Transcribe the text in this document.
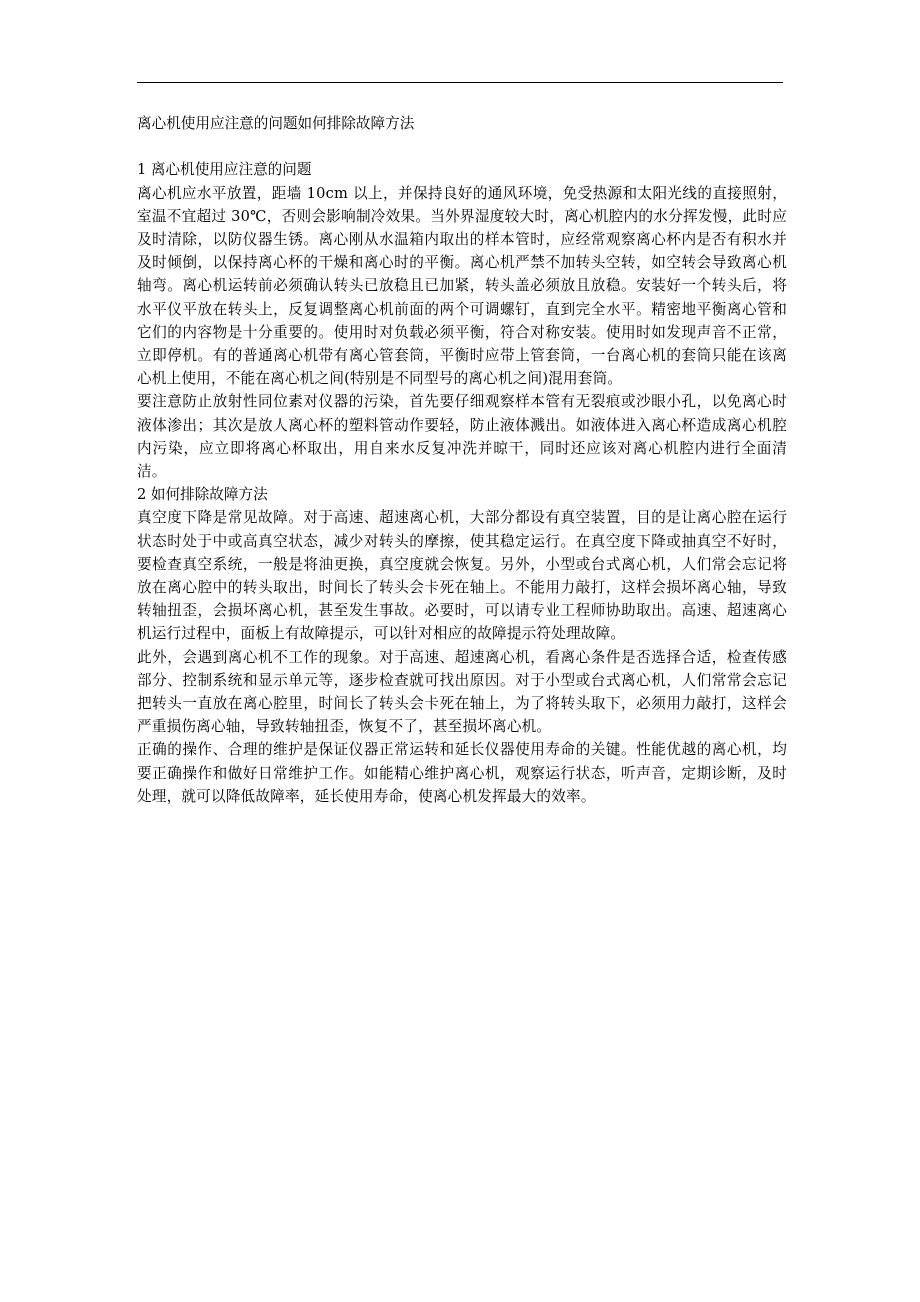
离心机使用应注意的问题如何排除故障方法
1 离心机使用应注意的问题

离心机应水平放置，距墙 10cm 以上，并保持良好的通风环境，免受热源和太阳光线的直接照射，室温不宜超过 30℃，否则会影响制冷效果。当外界湿度较大时，离心机腔内的水分挥发慢，此时应及时清除，以防仪器生锈。离心刚从水温箱内取出的样本管时，应经常观察离心杯内是否有积水并及时倾倒，以保持离心杯的干燥和离心时的平衡。离心机严禁不加转头空转，如空转会导致离心机轴弯。离心机运转前必须确认转头已放稳且已加紧，转头盖必须放且放稳。安装好一个转头后，将水平仪平放在转头上，反复调整离心机前面的两个可调螺钉，直到完全水平。精密地平衡离心管和它们的内容物是十分重要的。使用时对负载必须平衡，符合对称安装。使用时如发现声音不正常，立即停机。有的普通离心机带有离心管套筒，平衡时应带上管套筒，一台离心机的套筒只能在该离心机上使用，不能在离心机之间(特别是不同型号的离心机之间)混用套筒。

要注意防止放射性同位素对仪器的污染，首先要仔细观察样本管有无裂痕或沙眼小孔，以免离心时液体渗出；其次是放人离心杯的塑料管动作要轻，防止液体溅出。如液体进入离心杯造成离心机腔内污染，应立即将离心杯取出，用自来水反复冲洗并晾干，同时还应该对离心机腔内进行全面清洁。

2 如何排除故障方法

真空度下降是常见故障。对于高速、超速离心机，大部分都设有真空装置，目的是让离心腔在运行状态时处于中或高真空状态，减少对转头的摩擦，使其稳定运行。在真空度下降或抽真空不好时，要检查真空系统，一般是将油更换，真空度就会恢复。另外，小型或台式离心机，人们常会忘记将放在离心腔中的转头取出，时间长了转头会卡死在轴上。不能用力敲打，这样会损坏离心轴，导致转轴扭歪，会损坏离心机，甚至发生事故。必要时，可以请专业工程师协助取出。高速、超速离心机运行过程中，面板上有故障提示，可以针对相应的故障提示符处理故障。

此外，会遇到离心机不工作的现象。对于高速、超速离心机，看离心条件是否选择合适，检查传感部分、控制系统和显示单元等，逐步检查就可找出原因。对于小型或台式离心机，人们常常会忘记把转头一直放在离心腔里，时间长了转头会卡死在轴上，为了将转头取下，必须用力敲打，这样会严重损伤离心轴，导致转轴扭歪，恢复不了，甚至损坏离心机。

正确的操作、合理的维护是保证仪器正常运转和延长仪器使用寿命的关键。性能优越的离心机，均要正确操作和做好日常维护工作。如能精心维护离心机，观察运行状态，听声音，定期诊断，及时处理，就可以降低故障率，延长使用寿命，使离心机发挥最大的效率。
